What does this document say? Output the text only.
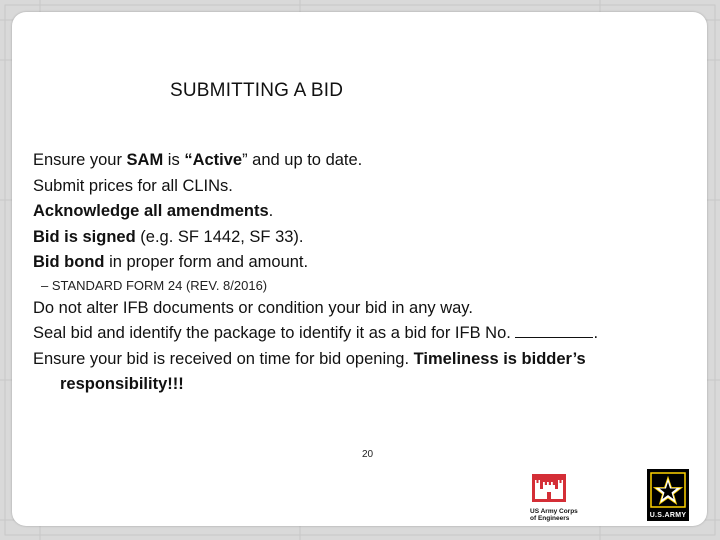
SUBMITTING A BID
Ensure your SAM is “Active” and up to date.
Submit prices for all CLINs.
Acknowledge all amendments.
Bid is signed (e.g. SF 1442, SF 33).
Bid bond in proper form and amount.
– STANDARD FORM 24 (REV. 8/2016)
Do not alter IFB documents or condition your bid in any way.
Seal bid and identify the package to identify it as a bid for IFB No.	.
Ensure your bid is received on time for bid opening. Timeliness is bidder’s
responsibility!!!
20
US Army Corps
of Engineers	U.S.ARMY
